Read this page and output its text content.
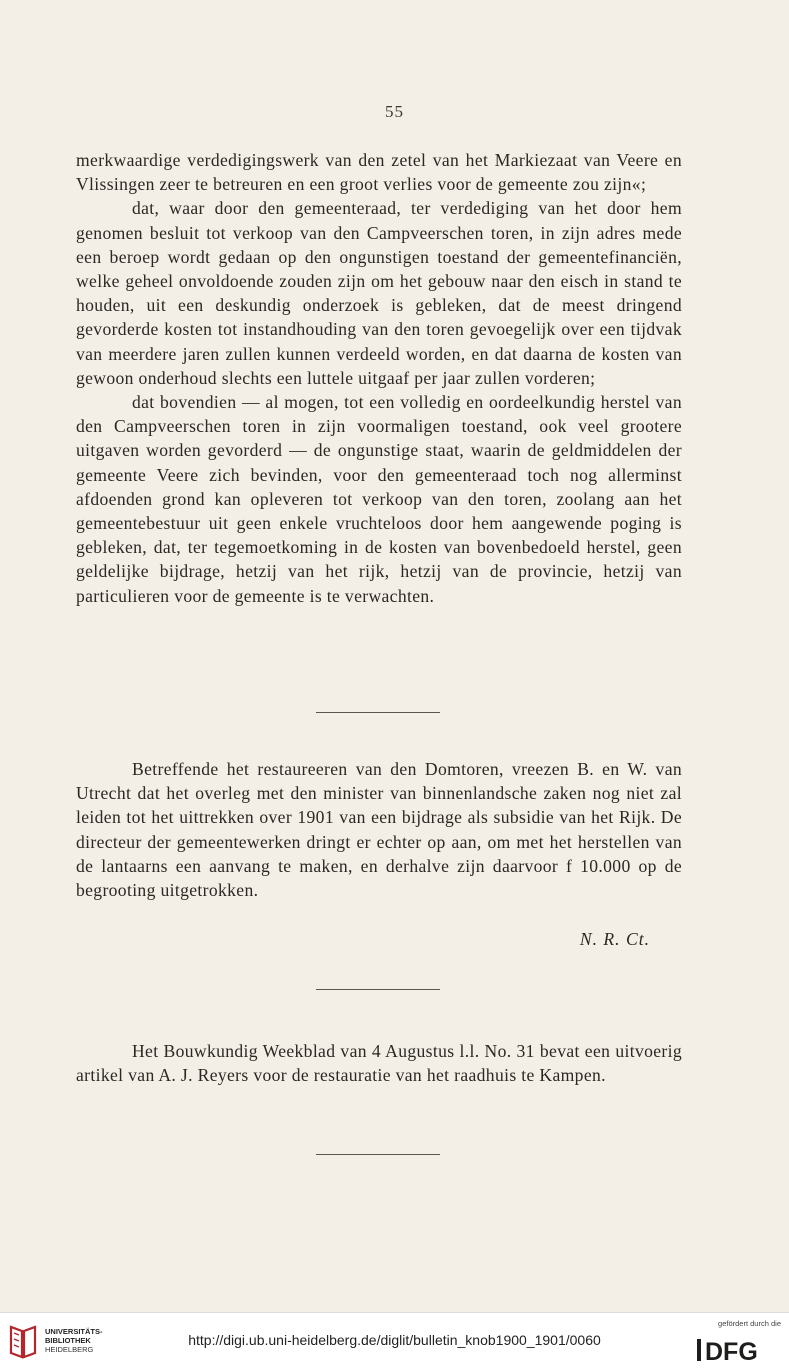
55

merkwaardige verdedigingswerk van den zetel van het Markiezaat van Veere en Vlissingen zeer te betreuren en een groot verlies voor de gemeente zou zijn«;

dat, waar door den gemeenteraad, ter verdediging van het door hem genomen besluit tot verkoop van den Campveerschen toren, in zijn adres mede een beroep wordt gedaan op den ongunstigen toestand der gemeentefinanciën, welke geheel onvoldoende zouden zijn om het gebouw naar den eisch in stand te houden, uit een deskundig onderzoek is gebleken, dat de meest dringend gevorderde kosten tot instandhouding van den toren gevoegelijk over een tijdvak van meerdere jaren zullen kunnen verdeeld worden, en dat daarna de kosten van gewoon onderhoud slechts een luttele uitgaaf per jaar zullen vorderen;

dat bovendien — al mogen, tot een volledig en oordeelkundig herstel van den Campveerschen toren in zijn voormaligen toestand, ook veel grootere uitgaven worden gevorderd — de ongunstige staat, waarin de geldmiddelen der gemeente Veere zich bevinden, voor den gemeenteraad toch nog allerminst afdoenden grond kan opleveren tot verkoop van den toren, zoolang aan het gemeentebestuur uit geen enkele vruchteloos door hem aangewende poging is gebleken, dat, ter tegemoetkoming in de kosten van bovenbedoeld herstel, geen geldelijke bijdrage, hetzij van het rijk, hetzij van de provincie, hetzij van particulieren voor de gemeente is te verwachten.

Betreffende het restaureeren van den Domtoren, vreezen B. en W. van Utrecht dat het overleg met den minister van binnenlandsche zaken nog niet zal leiden tot het uittrekken over 1901 van een bijdrage als subsidie van het Rijk. De directeur der gemeentewerken dringt er echter op aan, om met het herstellen van de lantaarns een aanvang te maken, en derhalve zijn daarvoor f 10.000 op de begrooting uitgetrokken.

N. R. Ct.

Het Bouwkundig Weekblad van 4 Augustus l.l. No. 31 bevat een uitvoerig artikel van A. J. Reyers voor de restauratie van het raadhuis te Kampen.

UNIVERSITÄTS-
BIBLIOTHEK
HEIDELBERG
http://digi.ub.uni-heidelberg.de/diglit/bulletin_knob1900_1901/0060
gefördert durch die
DFG
